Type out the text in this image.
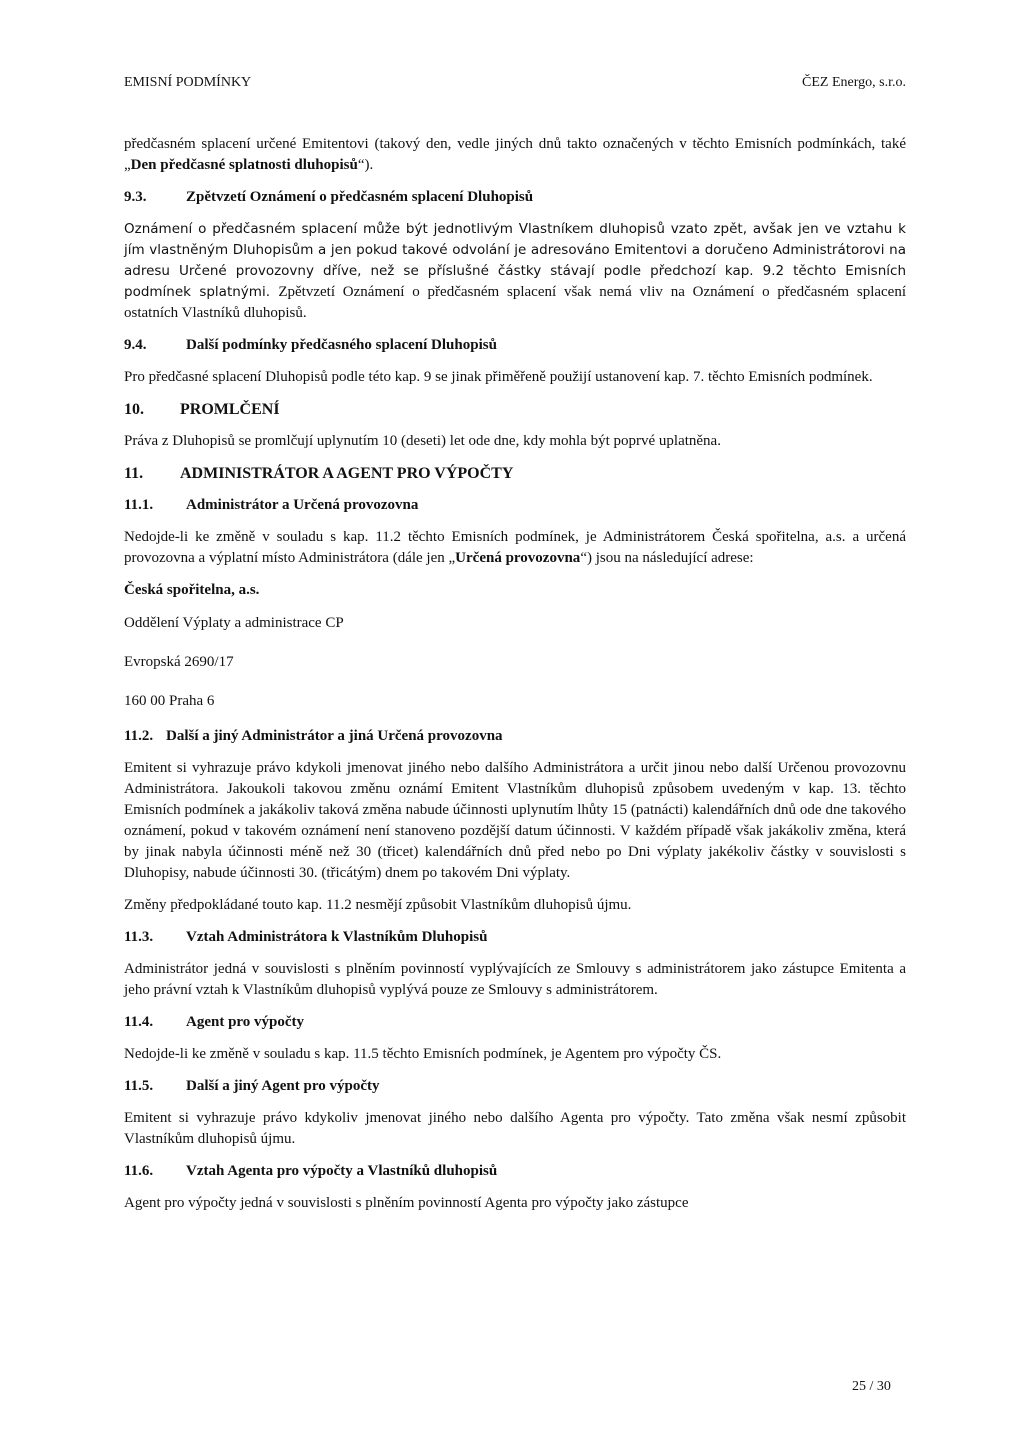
EMISNÍ PODMÍNKY	ČEZ Energo, s.r.o.

předčasném splacení určené Emitentovi (takový den, vedle jiných dnů takto označených v těchto Emisních podmínkách, také „Den předčasné splatnosti dluhopisů“).

9.3.	Zpětvzetí Oznámení o předčasném splacení Dluhopisů

Oznámení o předčasném splacení může být jednotlivým Vlastníkem dluhopisů vzato zpět, avšak jen ve vztahu k jím vlastněným Dluhopisům a jen pokud takové odvolání je adresováno Emitentovi a doručeno Administrátorovi na adresu Určené provozovny dříve, než se příslušné částky stávají podle předchozí kap. 9.2 těchto Emisních podmínek splatnými. Zpětvzetí Oznámení o předčasném splacení však nemá vliv na Oznámení o předčasném splacení ostatních Vlastníků dluhopisů.

9.4.	Další podmínky předčasného splacení Dluhopisů

Pro předčasné splacení Dluhopisů podle této kap. 9 se jinak přiměřeně použijí ustanovení kap. 7. těchto Emisních podmínek.

10.	PROMLČENÍ

Práva z Dluhopisů se promlčují uplynutím 10 (deseti) let ode dne, kdy mohla být poprvé uplatněna.

11.	ADMINISTRÁTOR A AGENT PRO VÝPOČTY
11.1.	Administrátor a Určená provozovna

Nedojde-li ke změně v souladu s kap. 11.2 těchto Emisních podmínek, je Administrátorem Česká spořitelna, a.s. a určená provozovna a výplatní místo Administrátora (dále jen „Určená provozovna“) jsou na následující adrese:

Česká spořitelna, a.s.
Oddělení Výplaty a administrace CP
Evropská 2690/17
160 00 Praha 6
11.2. Další a jiný Administrátor a jiná Určená provozovna

Emitent si vyhrazuje právo kdykoli jmenovat jiného nebo dalšího Administrátora a určit jinou nebo další Určenou provozovnu Administrátora. Jakoukoli takovou změnu oznámí Emitent Vlastníkům dluhopisů způsobem uvedeným v kap. 13. těchto Emisních podmínek a jakákoliv taková změna nabude účinnosti uplynutím lhůty 15 (patnácti) kalendářních dnů ode dne takového oznámení, pokud v takovém oznámení není stanoveno pozdější datum účinnosti. V každém případě však jakákoliv změna, která by jinak nabyla účinnosti méně než 30 (třicet) kalendářních dnů před nebo po Dni výplaty jakékoliv částky v souvislosti s Dluhopisy, nabude účinnosti 30. (třicátým) dnem po takovém Dni výplaty.

Změny předpokládané touto kap. 11.2 nesmějí způsobit Vlastníkům dluhopisů újmu.

11.3.	Vztah Administrátora k Vlastníkům Dluhopisů

Administrátor jedná v souvislosti s plněním povinností vyplývajících ze Smlouvy s administrátorem jako zástupce Emitenta a jeho právní vztah k Vlastníkům dluhopisů vyplývá pouze ze Smlouvy s administrátorem.

11.4.	Agent pro výpočty

Nedojde-li ke změně v souladu s kap. 11.5 těchto Emisních podmínek, je Agentem pro výpočty ČS.

11.5.	Další a jiný Agent pro výpočty

Emitent si vyhrazuje právo kdykoliv jmenovat jiného nebo dalšího Agenta pro výpočty. Tato změna však nesmí způsobit Vlastníkům dluhopisů újmu.

11.6.	Vztah Agenta pro výpočty a Vlastníků dluhopisů

Agent pro výpočty jedná v souvislosti s plněním povinností Agenta pro výpočty jako zástupce

25 / 30
